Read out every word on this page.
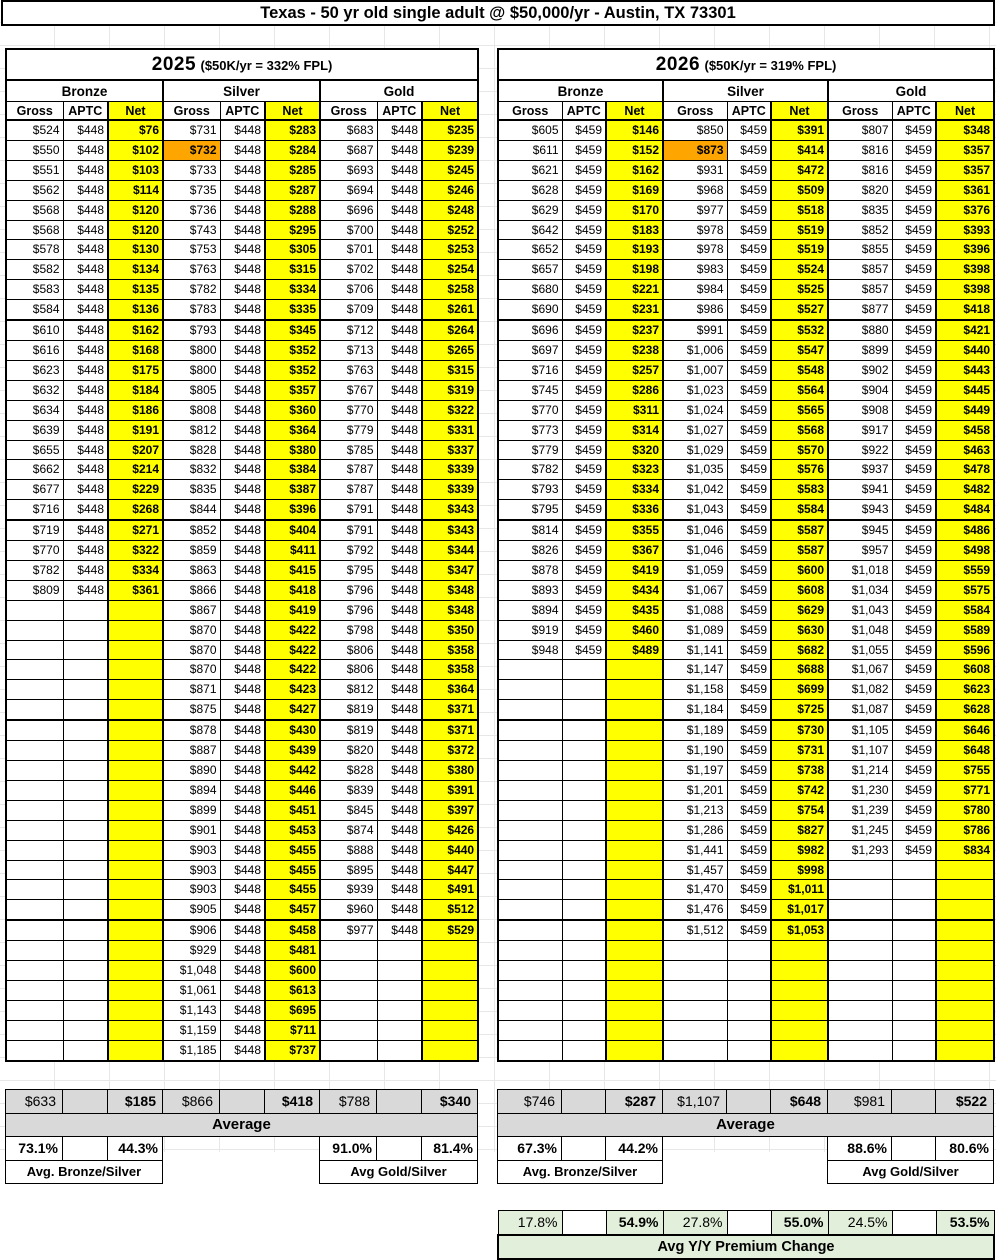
Texas - 50 yr old single adult @ $50,000/yr - Austin, TX 73301
2025 ($50K/yr = 332% FPL)								
Bronze			Silver			Gold		
Gross	APTC	Net	Gross	APTC	Net	Gross	APTC	Net
$524	$448	$76	$731	$448	$283	$683	$448	$235
$550	$448	$102	$732	$448	$284	$687	$448	$239
$551	$448	$103	$733	$448	$285	$693	$448	$245
$562	$448	$114	$735	$448	$287	$694	$448	$246
$568	$448	$120	$736	$448	$288	$696	$448	$248
$568	$448	$120	$743	$448	$295	$700	$448	$252
$578	$448	$130	$753	$448	$305	$701	$448	$253
$582	$448	$134	$763	$448	$315	$702	$448	$254
$583	$448	$135	$782	$448	$334	$706	$448	$258
$584	$448	$136	$783	$448	$335	$709	$448	$261
$610	$448	$162	$793	$448	$345	$712	$448	$264
$616	$448	$168	$800	$448	$352	$713	$448	$265
$623	$448	$175	$800	$448	$352	$763	$448	$315
$632	$448	$184	$805	$448	$357	$767	$448	$319
$634	$448	$186	$808	$448	$360	$770	$448	$322
$639	$448	$191	$812	$448	$364	$779	$448	$331
$655	$448	$207	$828	$448	$380	$785	$448	$337
$662	$448	$214	$832	$448	$384	$787	$448	$339
$677	$448	$229	$835	$448	$387	$787	$448	$339
$716	$448	$268	$844	$448	$396	$791	$448	$343
$719	$448	$271	$852	$448	$404	$791	$448	$343
$770	$448	$322	$859	$448	$411	$792	$448	$344
$782	$448	$334	$863	$448	$415	$795	$448	$347
$809	$448	$361	$866	$448	$418	$796	$448	$348
			$867	$448	$419	$796	$448	$348
			$870	$448	$422	$798	$448	$350
			$870	$448	$422	$806	$448	$358
			$870	$448	$422	$806	$448	$358
			$871	$448	$423	$812	$448	$364
			$875	$448	$427	$819	$448	$371
			$878	$448	$430	$819	$448	$371
			$887	$448	$439	$820	$448	$372
			$890	$448	$442	$828	$448	$380
			$894	$448	$446	$839	$448	$391
			$899	$448	$451	$845	$448	$397
			$901	$448	$453	$874	$448	$426
			$903	$448	$455	$888	$448	$440
			$903	$448	$455	$895	$448	$447
			$903	$448	$455	$939	$448	$491
			$905	$448	$457	$960	$448	$512
			$906	$448	$458	$977	$448	$529
			$929	$448	$481			
			$1,048	$448	$600			
			$1,061	$448	$613			
			$1,143	$448	$695			
			$1,159	$448	$711			
			$1,185	$448	$737			
$633		$185	$866		$418	$788		$340
Average								
73.1%		44.3%				91.0%		81.4%
Avg. Bronze/Silver						Avg Gold/Silver		
2026 ($50K/yr = 319% FPL)								
Bronze			Silver			Gold		
Gross	APTC	Net	Gross	APTC	Net	Gross	APTC	Net
$605	$459	$146	$850	$459	$391	$807	$459	$348
$611	$459	$152	$873	$459	$414	$816	$459	$357
$621	$459	$162	$931	$459	$472	$816	$459	$357
$628	$459	$169	$968	$459	$509	$820	$459	$361
$629	$459	$170	$977	$459	$518	$835	$459	$376
$642	$459	$183	$978	$459	$519	$852	$459	$393
$652	$459	$193	$978	$459	$519	$855	$459	$396
$657	$459	$198	$983	$459	$524	$857	$459	$398
$680	$459	$221	$984	$459	$525	$857	$459	$398
$690	$459	$231	$986	$459	$527	$877	$459	$418
$696	$459	$237	$991	$459	$532	$880	$459	$421
$697	$459	$238	$1,006	$459	$547	$899	$459	$440
$716	$459	$257	$1,007	$459	$548	$902	$459	$443
$745	$459	$286	$1,023	$459	$564	$904	$459	$445
$770	$459	$311	$1,024	$459	$565	$908	$459	$449
$773	$459	$314	$1,027	$459	$568	$917	$459	$458
$779	$459	$320	$1,029	$459	$570	$922	$459	$463
$782	$459	$323	$1,035	$459	$576	$937	$459	$478
$793	$459	$334	$1,042	$459	$583	$941	$459	$482
$795	$459	$336	$1,043	$459	$584	$943	$459	$484
$814	$459	$355	$1,046	$459	$587	$945	$459	$486
$826	$459	$367	$1,046	$459	$587	$957	$459	$498
$878	$459	$419	$1,059	$459	$600	$1,018	$459	$559
$893	$459	$434	$1,067	$459	$608	$1,034	$459	$575
$894	$459	$435	$1,088	$459	$629	$1,043	$459	$584
$919	$459	$460	$1,089	$459	$630	$1,048	$459	$589
$948	$459	$489	$1,141	$459	$682	$1,055	$459	$596
			$1,147	$459	$688	$1,067	$459	$608
			$1,158	$459	$699	$1,082	$459	$623
			$1,184	$459	$725	$1,087	$459	$628
			$1,189	$459	$730	$1,105	$459	$646
			$1,190	$459	$731	$1,107	$459	$648
			$1,197	$459	$738	$1,214	$459	$755
			$1,201	$459	$742	$1,230	$459	$771
			$1,213	$459	$754	$1,239	$459	$780
			$1,286	$459	$827	$1,245	$459	$786
			$1,441	$459	$982	$1,293	$459	$834
			$1,457	$459	$998			
			$1,470	$459	$1,011			
			$1,476	$459	$1,017			
			$1,512	$459	$1,053			

$746		$287	$1,107		$648	$981		$522
Average								
67.3%		44.2%				88.6%		80.6%
Avg. Bronze/Silver						Avg Gold/Silver		
17.8%		54.9%	27.8%		55.0%	24.5%		53.5%
Avg Y/Y Premium Change
